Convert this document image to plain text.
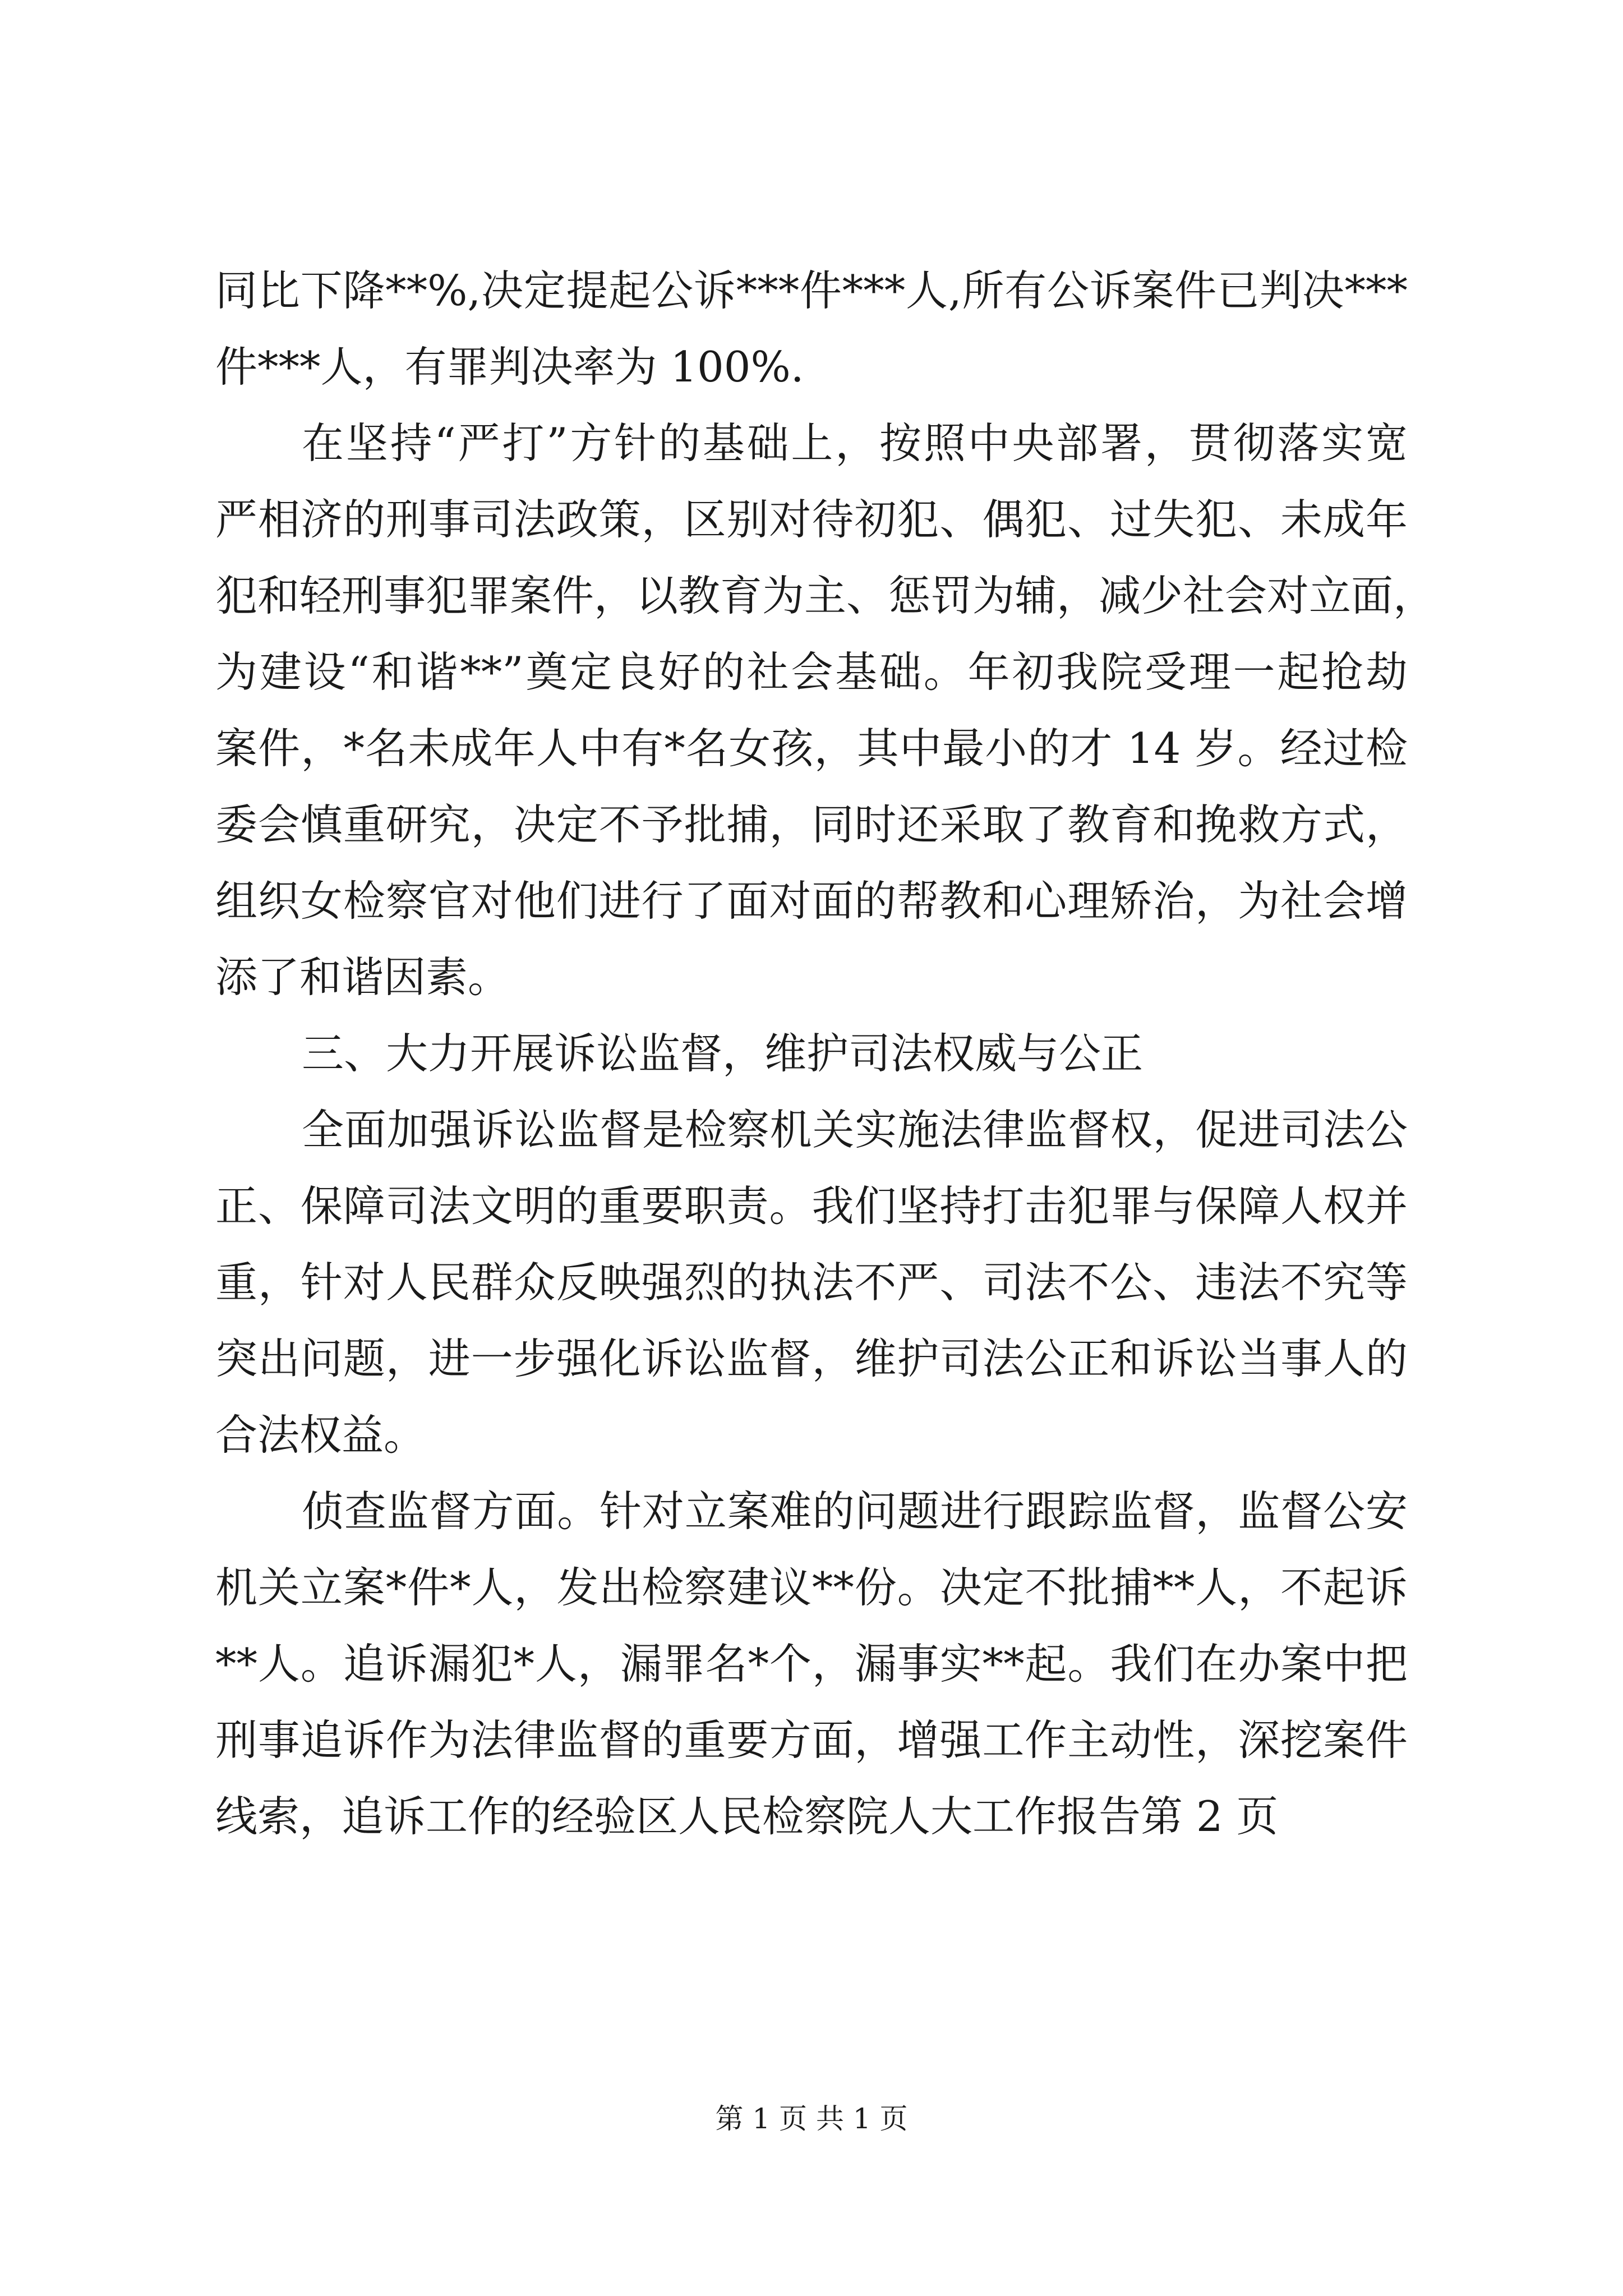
同比下降**%,决定提起公诉***件***人,所有公诉案件已判决***
件***人，有罪判决率为 100%.
在坚持“严打”方针的基础上，按照中央部署，贯彻落实宽
严相济的刑事司法政策，区别对待初犯、偶犯、过失犯、未成年
犯和轻刑事犯罪案件，以教育为主、惩罚为辅，减少社会对立面，
为建设“和谐**”奠定良好的社会基础。年初我院受理一起抢劫
案件，*名未成年人中有*名女孩，其中最小的才 14 岁。经过检
委会慎重研究，决定不予批捕，同时还采取了教育和挽救方式，
组织女检察官对他们进行了面对面的帮教和心理矫治，为社会增
添了和谐因素。
三、大力开展诉讼监督，维护司法权威与公正
全面加强诉讼监督是检察机关实施法律监督权，促进司法公
正、保障司法文明的重要职责。我们坚持打击犯罪与保障人权并
重，针对人民群众反映强烈的执法不严、司法不公、违法不究等
突出问题，进一步强化诉讼监督，维护司法公正和诉讼当事人的
合法权益。
侦查监督方面。针对立案难的问题进行跟踪监督，监督公安
机关立案*件*人，发出检察建议**份。决定不批捕**人，不起诉
**人。追诉漏犯*人，漏罪名*个，漏事实**起。我们在办案中把
刑事追诉作为法律监督的重要方面，增强工作主动性，深挖案件
线索，追诉工作的经验区人民检察院人大工作报告第 2 页
第 1 页 共 1 页
